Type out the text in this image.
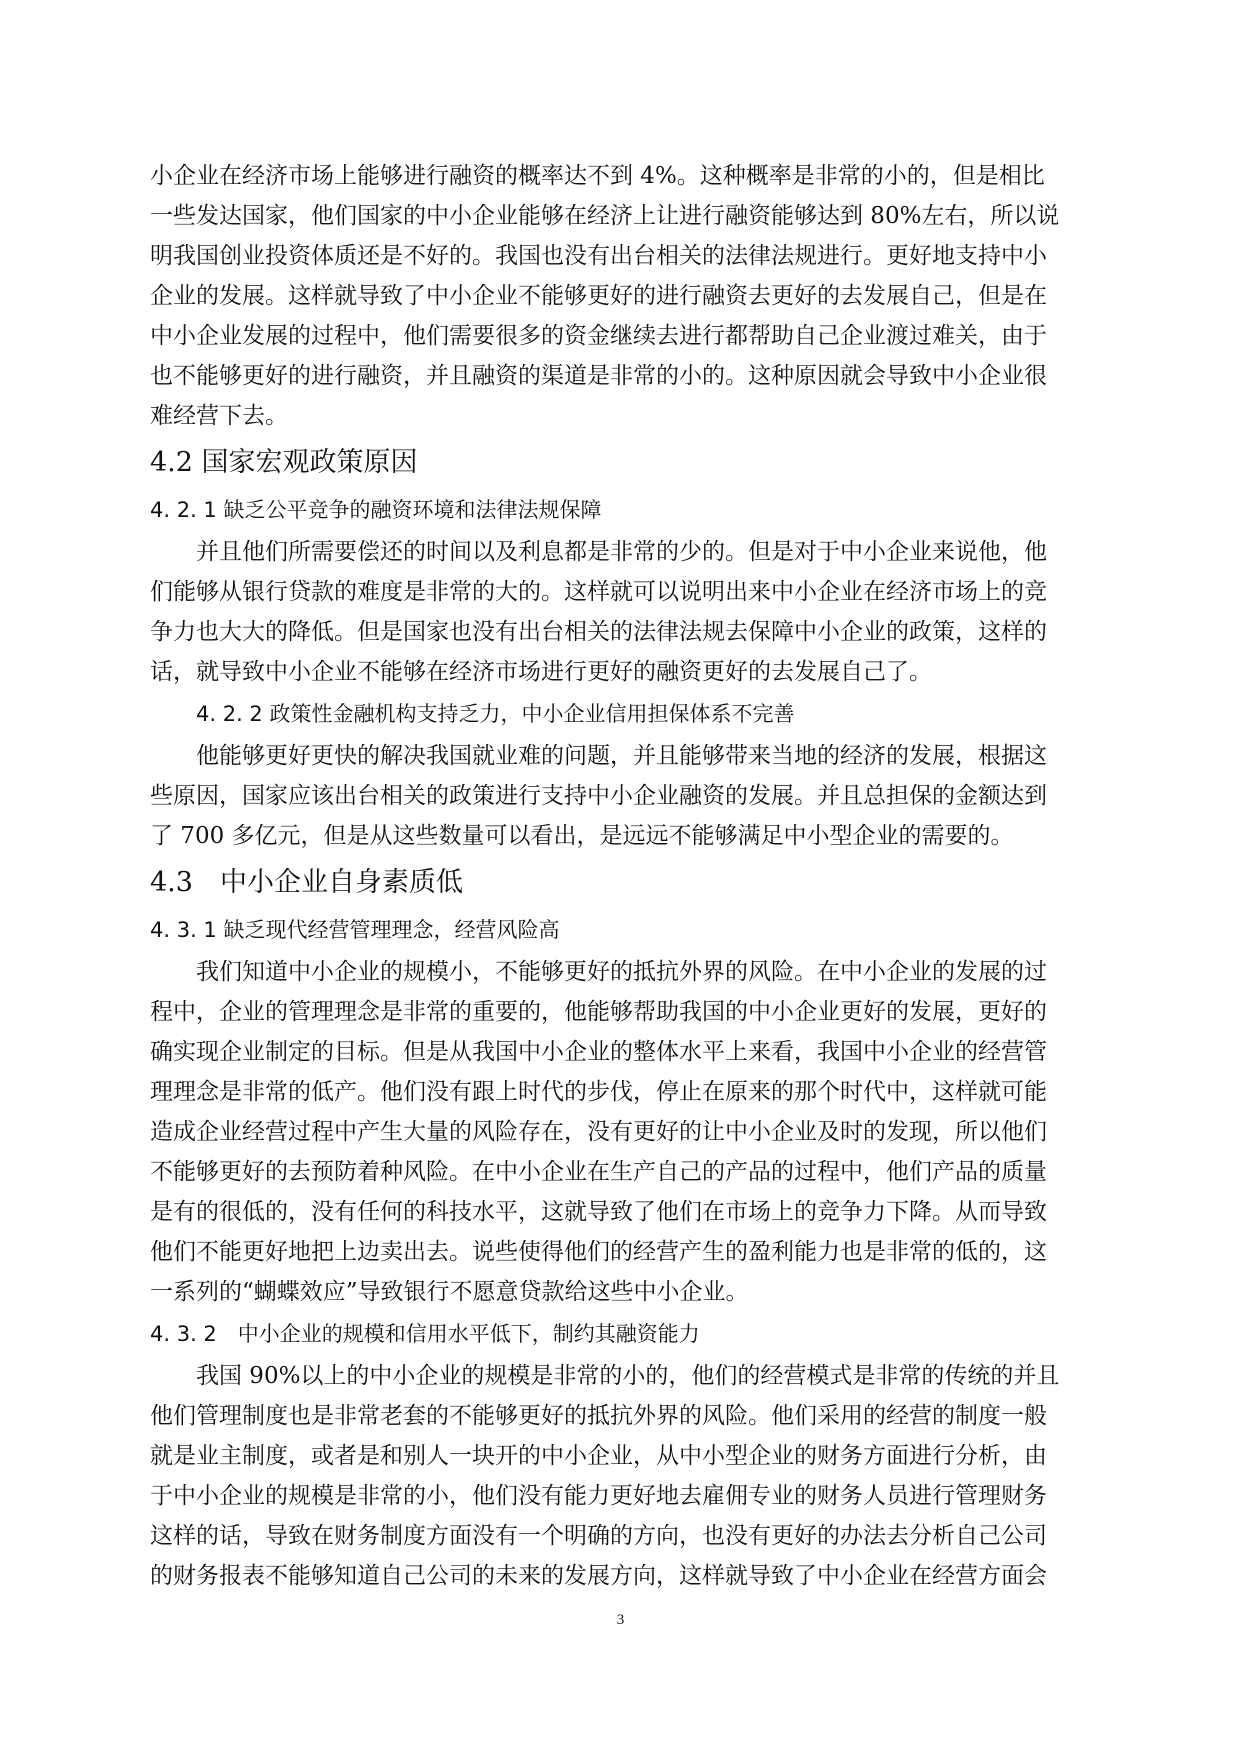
小企业在经济市场上能够进行融资的概率达不到 4%。这种概率是非常的小的，但是相比
一些发达国家，他们国家的中小企业能够在经济上让进行融资能够达到 80%左右，所以说
明我国创业投资体质还是不好的。我国也没有出台相关的法律法规进行。更好地支持中小
企业的发展。这样就导致了中小企业不能够更好的进行融资去更好的去发展自己，但是在
中小企业发展的过程中，他们需要很多的资金继续去进行都帮助自己企业渡过难关，由于
也不能够更好的进行融资，并且融资的渠道是非常的小的。这种原因就会导致中小企业很
难经营下去。
4.2 国家宏观政策原因
4. 2. 1 缺乏公平竞争的融资环境和法律法规保障
并且他们所需要偿还的时间以及利息都是非常的少的。但是对于中小企业来说他，他
们能够从银行贷款的难度是非常的大的。这样就可以说明出来中小企业在经济市场上的竞
争力也大大的降低。但是国家也没有出台相关的法律法规去保障中小企业的政策，这样的
话，就导致中小企业不能够在经济市场进行更好的融资更好的去发展自己了。
4. 2. 2 政策性金融机构支持乏力，中小企业信用担保体系不完善
他能够更好更快的解决我国就业难的问题，并且能够带来当地的经济的发展，根据这
些原因，国家应该出台相关的政策进行支持中小企业融资的发展。并且总担保的金额达到
了 700 多亿元，但是从这些数量可以看出，是远远不能够满足中小型企业的需要的。
4.3　中小企业自身素质低
4. 3. 1 缺乏现代经营管理理念，经营风险高
我们知道中小企业的规模小，不能够更好的抵抗外界的风险。在中小企业的发展的过
程中，企业的管理理念是非常的重要的，他能够帮助我国的中小企业更好的发展，更好的
确实现企业制定的目标。但是从我国中小企业的整体水平上来看，我国中小企业的经营管
理理念是非常的低产。他们没有跟上时代的步伐，停止在原来的那个时代中，这样就可能
造成企业经营过程中产生大量的风险存在，没有更好的让中小企业及时的发现，所以他们
不能够更好的去预防着种风险。在中小企业在生产自己的产品的过程中，他们产品的质量
是有的很低的，没有任何的科技水平，这就导致了他们在市场上的竞争力下降。从而导致
他们不能更好地把上边卖出去。说些使得他们的经营产生的盈利能力也是非常的低的，这
一系列的“蝴蝶效应”导致银行不愿意贷款给这些中小企业。
4. 3. 2　中小企业的规模和信用水平低下，制约其融资能力
我国 90%以上的中小企业的规模是非常的小的，他们的经营模式是非常的传统的并且
他们管理制度也是非常老套的不能够更好的抵抗外界的风险。他们采用的经营的制度一般
就是业主制度，或者是和别人一块开的中小企业，从中小型企业的财务方面进行分析，由
于中小企业的规模是非常的小，他们没有能力更好地去雇佣专业的财务人员进行管理财务
这样的话，导致在财务制度方面没有一个明确的方向，也没有更好的办法去分析自己公司
的财务报表不能够知道自己公司的未来的发展方向，这样就导致了中小企业在经营方面会
3
